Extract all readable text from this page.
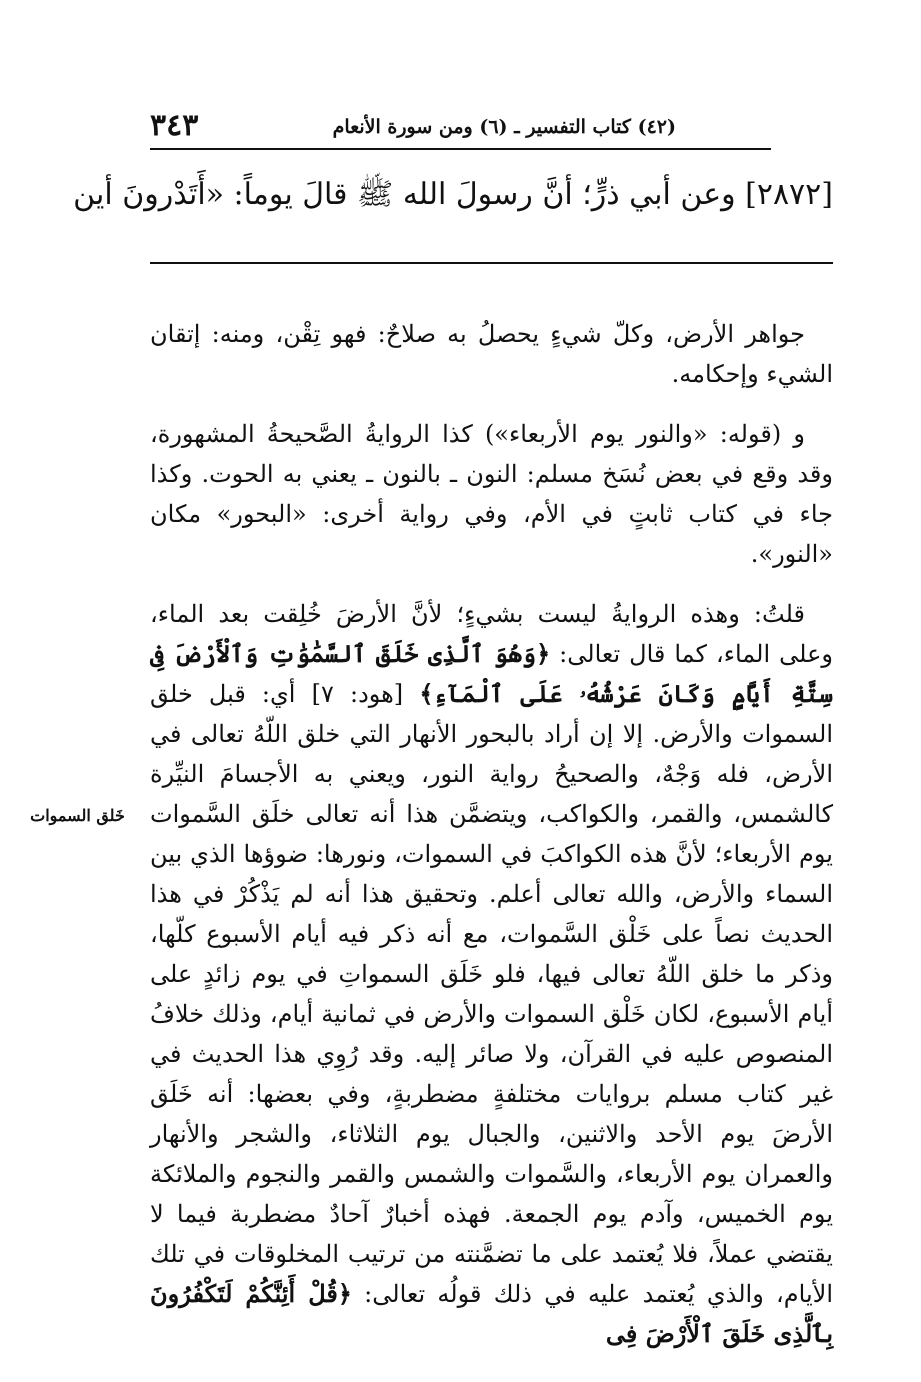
٣٤٣	(٤٢) كتاب التفسير ـ (٦) ومن سورة الأنعام
[٢٨٧٢] وعن أبي ذرٍّ؛ أنَّ رسولَ الله ﷺ قالَ يوماً: «أَتَدْرونَ أين
خَلق السموات

جواهر الأرض، وكلّ شيءٍ يحصلُ به صلاحٌ: فهو تِقْن، ومنه: إتقان الشيء وإحكامه.

و (قوله: «والنور يوم الأربعاء») كذا الروايةُ الصَّحيحةُ المشهورة، وقد وقع في بعض نُسَخ مسلم: النون ـ بالنون ـ يعني به الحوت. وكذا جاء في كتاب ثابتٍ في الأم، وفي رواية أخرى: «البحور» مكان «النور».

قلتُ: وهذه الروايةُ ليست بشيءٍ؛ لأنَّ الأرضَ خُلِقت بعد الماء، وعلى الماء، كما قال تعالى: ﴿وَهُوَ ٱلَّذِى خَلَقَ ٱلسَّمَٰوَٰتِ وَٱلْأَرْضَ فِى سِتَّةِ أَيَّامٍ وَكَانَ عَرْشُهُۥ عَلَى ٱلْمَآءِ﴾ [هود: ٧] أي: قبل خلق السموات والأرض. إلا إن أراد بالبحور الأنهار التي خلق اللّهُ تعالى في الأرض، فله وَجْهٌ، والصحيحُ رواية النور، ويعني به الأجسامَ النيِّرة كالشمس، والقمر، والكواكب، ويتضمَّن هذا أنه تعالى خلَق السَّموات يوم الأربعاء؛ لأنَّ هذه الكواكبَ في السموات، ونورها: ضوؤها الذي بين السماء والأرض، والله تعالى أعلم. وتحقيق هذا أنه لم يَذْكُرْ في هذا الحديث نصاً على خَلْق السَّموات، مع أنه ذكر فيه أيام الأسبوع كلّها، وذكر ما خلق اللّهُ تعالى فيها، فلو خَلَق السمواتِ في يوم زائدٍ على أيام الأسبوع، لكان خَلْق السموات والأرض في ثمانية أيام، وذلك خلافُ المنصوص عليه في القرآن، ولا صائر إليه. وقد رُوِي هذا الحديث في غير كتاب مسلم بروايات مختلفةٍ مضطربةٍ، وفي بعضها: أنه خَلَق الأرضَ يوم الأحد والاثنين، والجبال يوم الثلاثاء، والشجر والأنهار والعمران يوم الأربعاء، والسَّموات والشمس والقمر والنجوم والملائكة يوم الخميس، وآدم يوم الجمعة. فهذه أخبارٌ آحادٌ مضطربة فيما لا يقتضي عملاً، فلا يُعتمد على ما تضمَّنته من ترتيب المخلوقات في تلك الأيام، والذي يُعتمد عليه في ذلك قولُه تعالى: ﴿قُلْ أَئِنَّكُمْ لَتَكْفُرُونَ بِٱلَّذِى خَلَقَ ٱلْأَرْضَ فِى
